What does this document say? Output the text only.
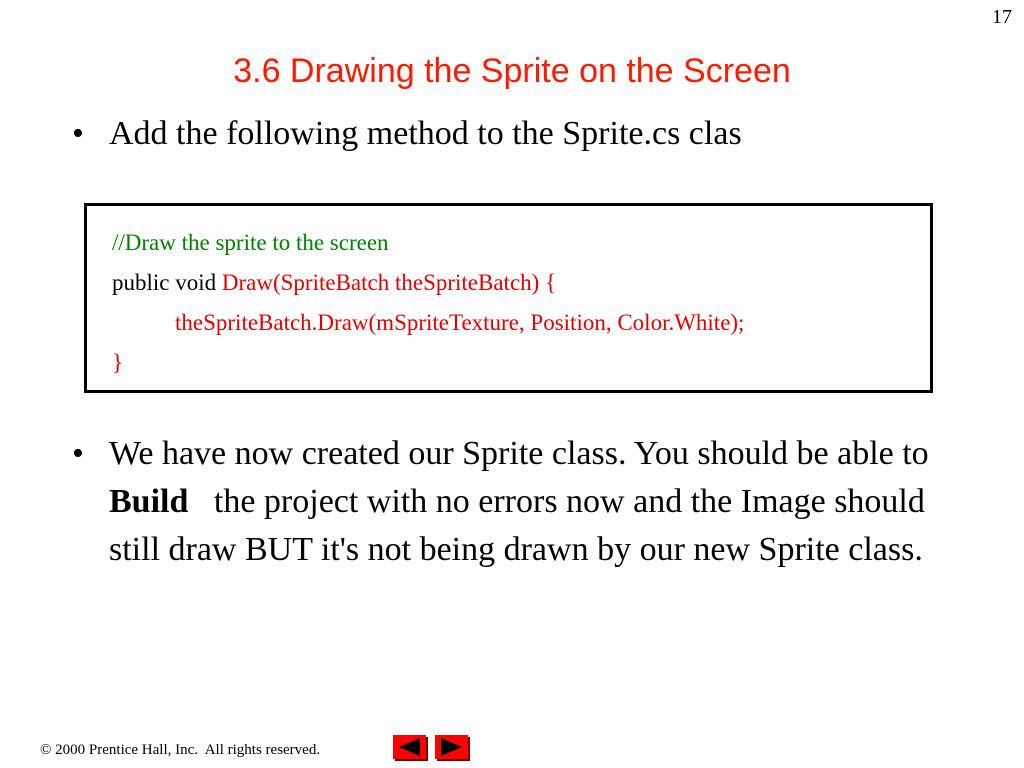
17
3.6 Drawing the Sprite on the Screen
• Add the following method to the Sprite.cs clas
//Draw the sprite to the screen
public void Draw(SpriteBatch theSpriteBatch) {
theSpriteBatch.Draw(mSpriteTexture, Position, Color.White);
}
• We have now created our Sprite class. You should be able to Build   the project with no errors now and the Image should still draw BUT it's not being drawn by our new Sprite class.
© 2000 Prentice Hall, Inc.  All rights reserved.
